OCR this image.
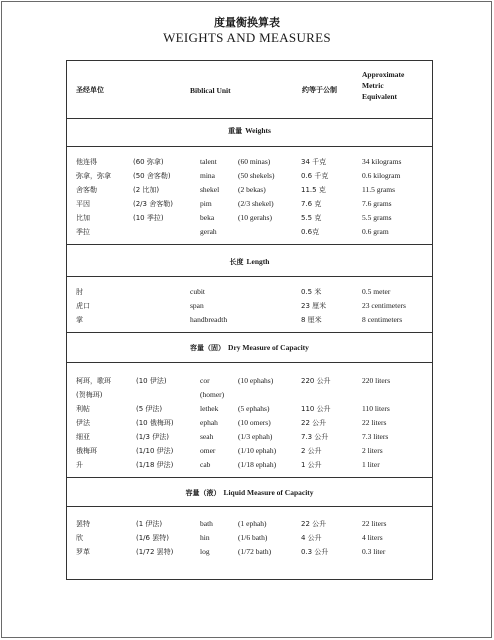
度量衡换算表
WEIGHTS AND MEASURES
圣经单位	Biblical Unit	约等于公制
Approximate
Metric
Equivalent
重量 Weights
他连得	(60 弥拿)	talent	(60 minas)	34 千克	34 kilograms
弥拿，弥拿	(50 舍客勒)	mina	(50 shekels)	0.6 千克	0.6 kilogram
舍客勒	(2 比加)	shekel	(2 bekas)	11.5 克	11.5 grams
平因	(2/3 舍客勒)	pim	(2/3 shekel)	7.6 克	7.6 grams
比加	(10 季拉)	beka	(10 gerahs)	5.5 克	5.5 grams
季拉	gerah	0.6克	0.6 gram
长度 Length
肘	cubit	0.5 米	0.5 meter
虎口	span	23 厘米	23 centimeters
掌	handbreadth	8 厘米	8 centimeters
容量（固） Dry Measure of Capacity
柯珥，歌珥	(10 伊法)	cor	(10 ephahs)	220 公升	220 liters
(贺梅珥)	(homer)
利帖	(5 伊法)	lethek	(5 ephahs)	110 公升	110 liters
伊法	(10 俄梅珥)	ephah	(10 omers)	22 公升	22 liters
细亚	(1/3 伊法)	seah	(1/3 ephah)	7.3 公升	7.3 liters
俄梅珥	(1/10 伊法)	omer	(1/10 ephah)	2 公升	2 liters
升	(1/18 伊法)	cab	(1/18 ephah)	1 公升	1 liter
容量（液） Liquid Measure of Capacity
罢特	(1 伊法)	bath	(1 ephah)	22 公升	22 liters
欣	(1/6 罢特)	hin	(1/6 bath)	4 公升	4 liters
罗革	(1/72 罢特)	log	(1/72 bath)	0.3 公升	0.3 liter
